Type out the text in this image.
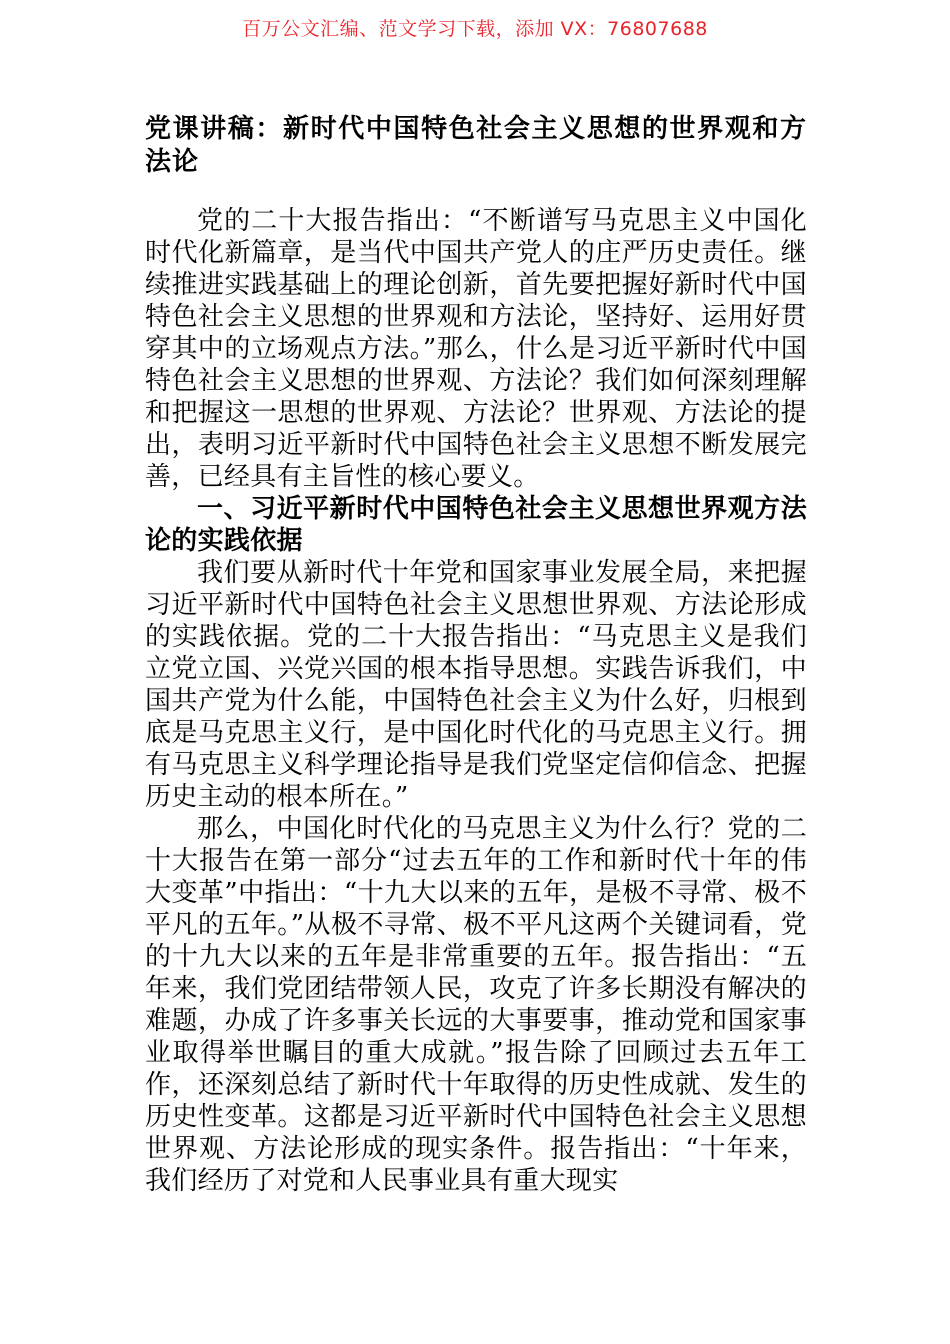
百万公文汇编、范文学习下载，添加 VX：76807688
党课讲稿：新时代中国特色社会主义思想的世界观和方法论

党的二十大报告指出：“不断谱写马克思主义中国化时代化新篇章，是当代中国共产党人的庄严历史责任。继续推进实践基础上的理论创新，首先要把握好新时代中国特色社会主义思想的世界观和方法论，坚持好、运用好贯穿其中的立场观点方法。”那么，什么是习近平新时代中国特色社会主义思想的世界观、方法论？我们如何深刻理解和把握这一思想的世界观、方法论？世界观、方法论的提出，表明习近平新时代中国特色社会主义思想不断发展完善，已经具有主旨性的核心要义。

一、习近平新时代中国特色社会主义思想世界观方法论的实践依据

我们要从新时代十年党和国家事业发展全局，来把握习近平新时代中国特色社会主义思想世界观、方法论形成的实践依据。党的二十大报告指出：“马克思主义是我们立党立国、兴党兴国的根本指导思想。实践告诉我们，中国共产党为什么能，中国特色社会主义为什么好，归根到底是马克思主义行，是中国化时代化的马克思主义行。拥有马克思主义科学理论指导是我们党坚定信仰信念、把握历史主动的根本所在。”

那么，中国化时代化的马克思主义为什么行？党的二十大报告在第一部分“过去五年的工作和新时代十年的伟大变革”中指出：“十九大以来的五年，是极不寻常、极不平凡的五年。”从极不寻常、极不平凡这两个关键词看，党的十九大以来的五年是非常重要的五年。报告指出：“五年来，我们党团结带领人民，攻克了许多长期没有解决的难题，办成了许多事关长远的大事要事，推动党和国家事业取得举世瞩目的重大成就。”报告除了回顾过去五年工作，还深刻总结了新时代十年取得的历史性成就、发生的历史性变革。这都是习近平新时代中国特色社会主义思想世界观、方法论形成的现实条件。报告指出：“十年来，我们经历了对党和人民事业具有重大现实
